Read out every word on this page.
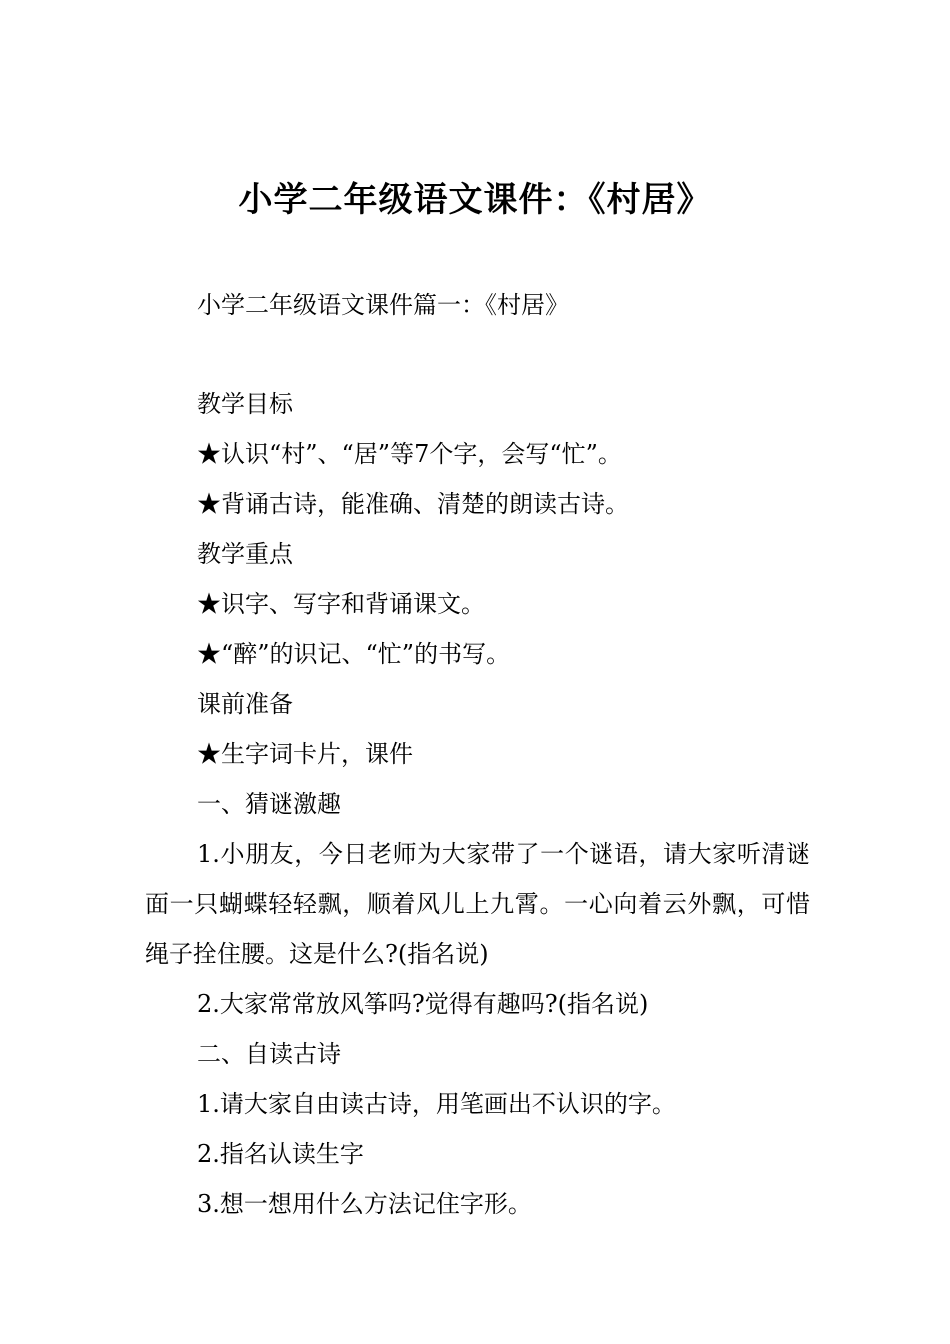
小学二年级语文课件：《村居》

小学二年级语文课件篇一：《村居》

教学目标

★认识“村”、“居”等7个字，会写“忙”。

★背诵古诗，能准确、清楚的朗读古诗。

教学重点

★识字、写字和背诵课文。

★“醉”的识记、“忙”的书写。

课前准备

★生字词卡片，课件

一、猜谜激趣

1.小朋友，今日老师为大家带了一个谜语，请大家听清谜面一只蝴蝶轻轻飘，顺着风儿上九霄。一心向着云外飘，可惜绳子拴住腰。这是什么?(指名说)

2.大家常常放风筝吗?觉得有趣吗?(指名说)

二、自读古诗

1.请大家自由读古诗，用笔画出不认识的字。

2.指名认读生字

3.想一想用什么方法记住字形。
